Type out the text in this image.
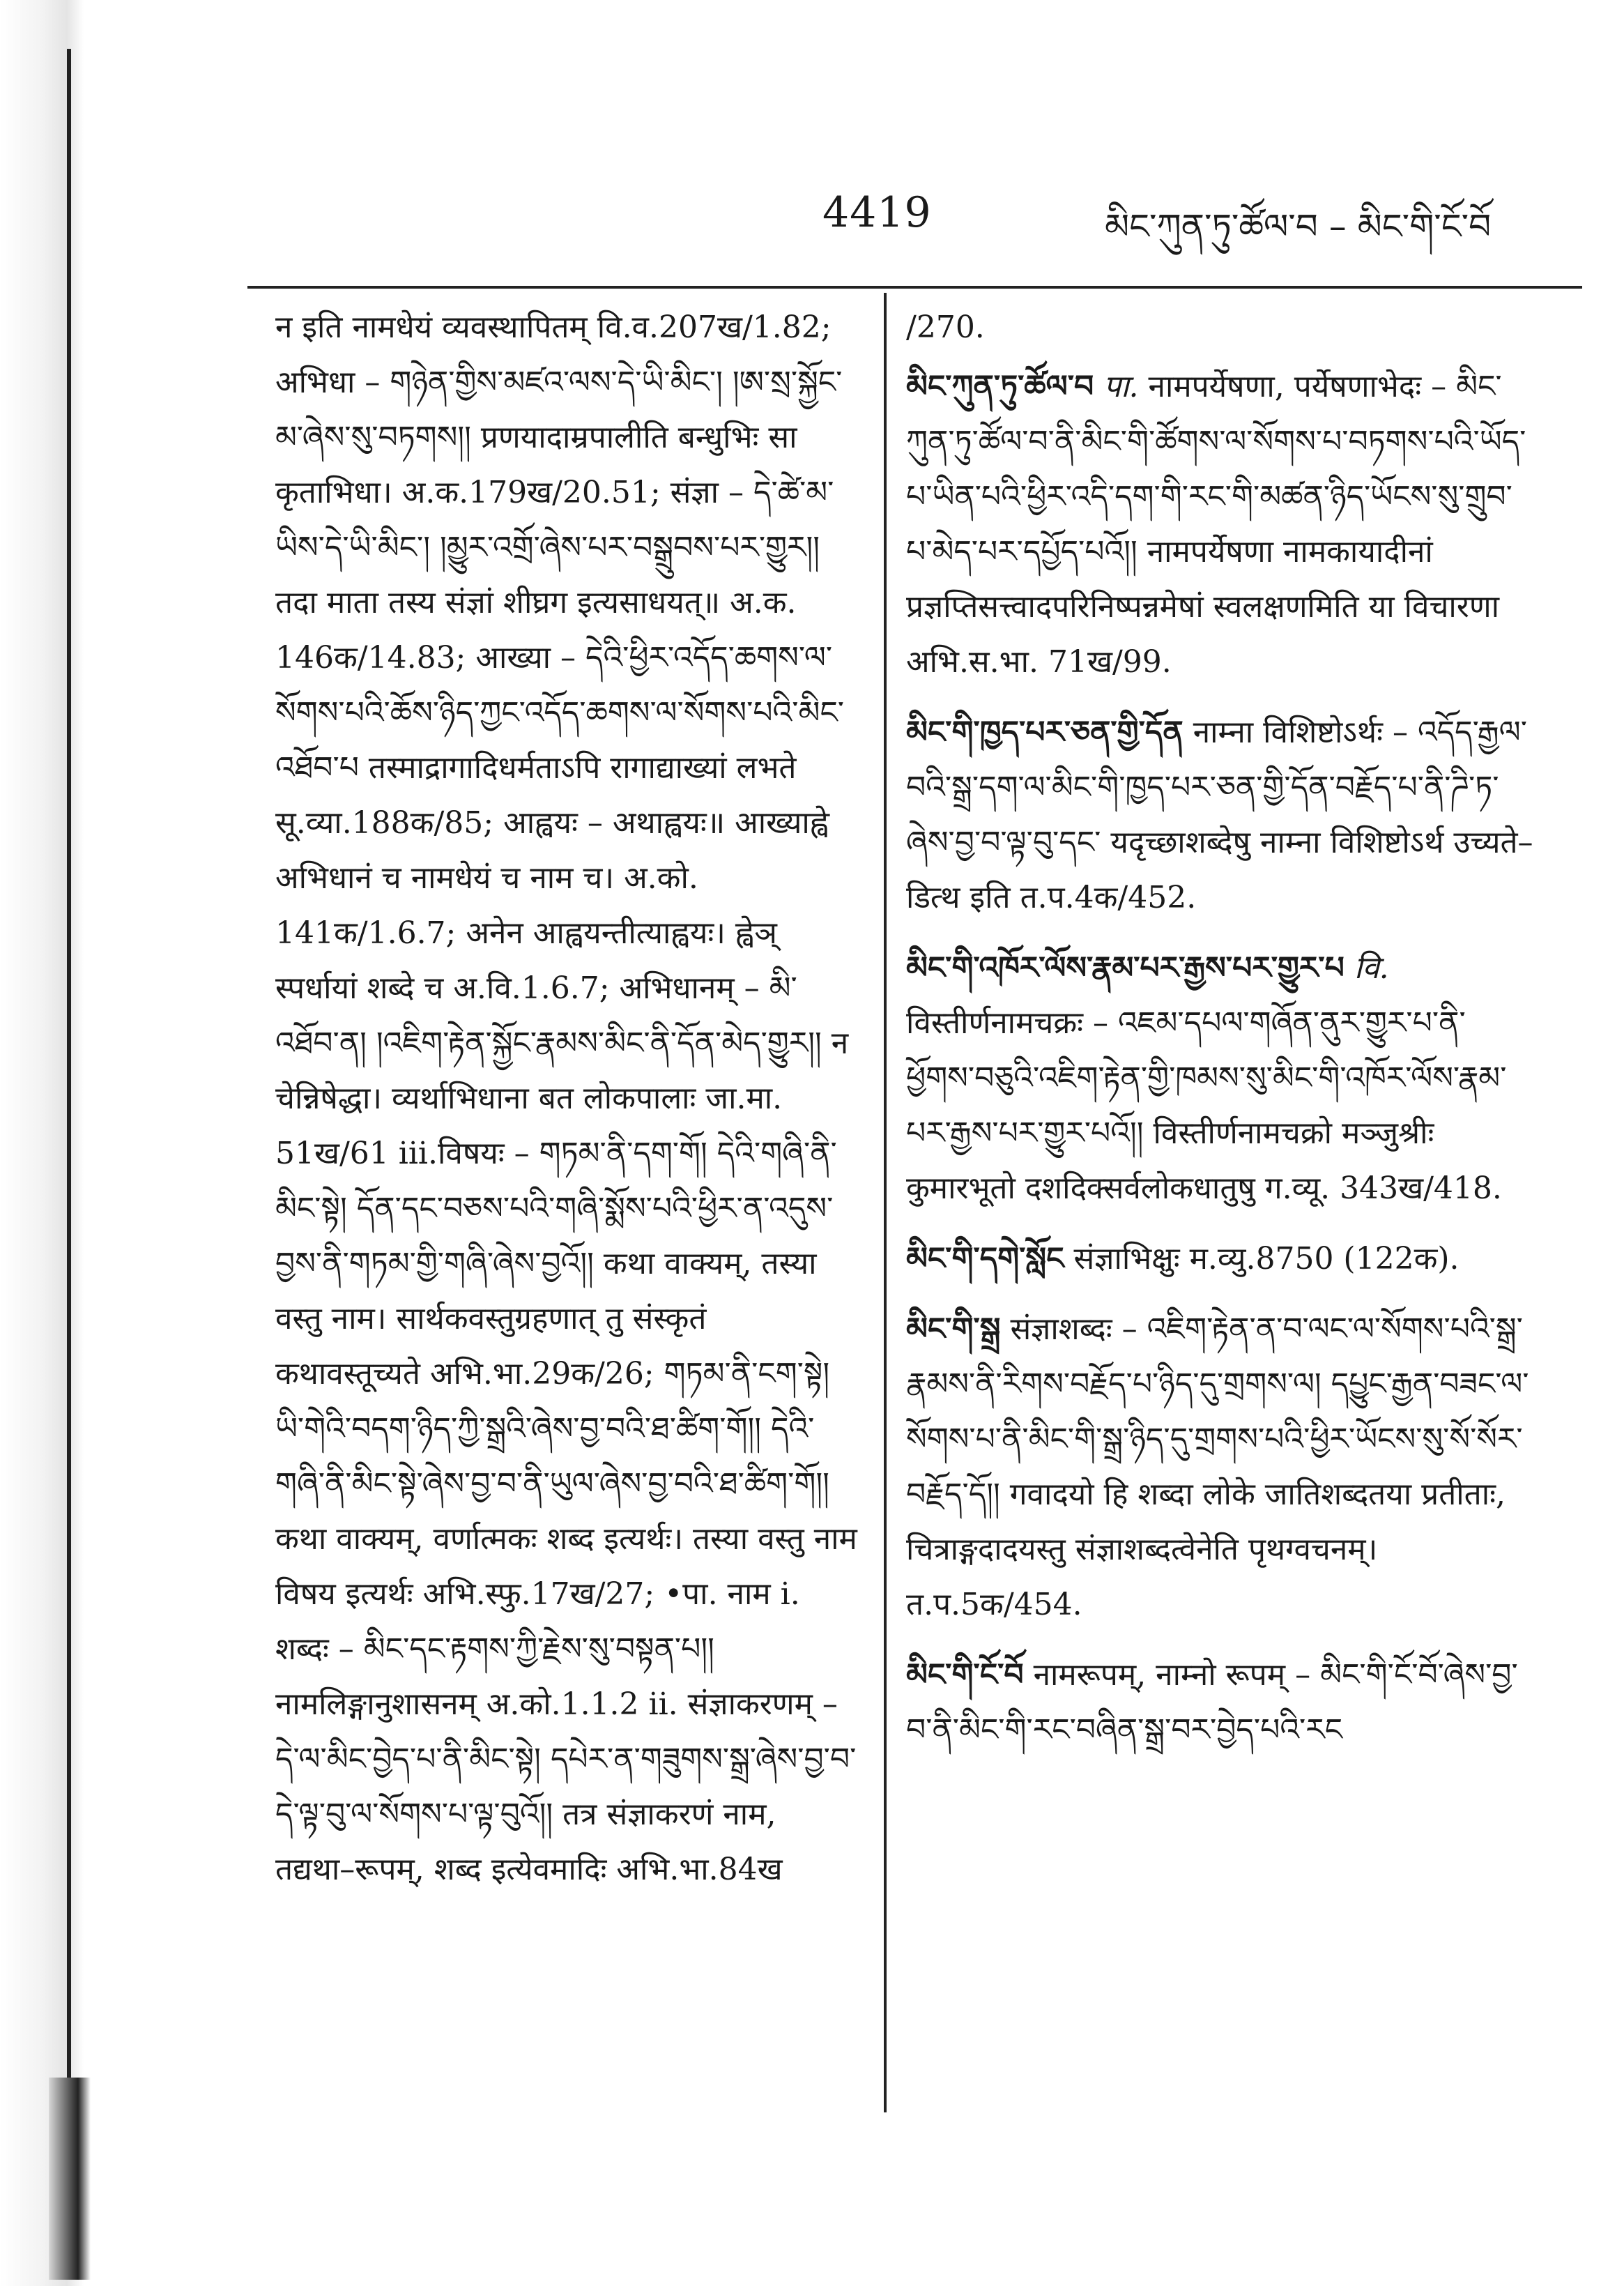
4419	མིང་ཀུན་ཏུ་ཚོལ་བ – མིང་གི་ངོ་བོ

न इति नामधेयं व्यवस्थापितम् वि.व.207ख/1.82; अभिधा – གཉེན་གྱིས་མཛའ་ལས་དེ་ཡི་མིང་། །ཨ་སྲ་སྐྱོང་མ་ཞེས་སུ་བཏགས།། प्रणयादाम्रपालीति बन्धुभिः सा कृताभिधा। अ.क.179ख/20.51; संज्ञा – དེ་ཚེ་མ་ཡིས་དེ་ཡི་མིང་། །མྱུར་འགྲོ་ཞེས་པར་བསྒྲུབས་པར་གྱུར།། तदा माता तस्य संज्ञां शीघ्रग इत्यसाधयत्॥ अ.क. 146क/14.83; आख्या – དེའི་ཕྱིར་འདོད་ཆགས་ལ་སོགས་པའི་ཆོས་ཉིད་ཀྱང་འདོད་ཆགས་ལ་སོགས་པའི་མིང་འཐོབ་པ तस्माद्रागादिधर्मताऽपि रागाद्याख्यां लभते सू.व्या.188क/85; आह्वयः – अथाह्वयः॥ आख्याह्वे अभिधानं च नामधेयं च नाम च। अ.को. 141क/1.6.7; अनेन आह्वयन्तीत्याह्वयः। ह्वेञ् स्पर्धायां शब्दे च अ.वि.1.6.7; अभिधानम् – མི་འཐོབ་ན། །འཇིག་རྟེན་སྐྱོང་རྣམས་མིང་ནི་དོན་མེད་གྱུར།། न चेन्निषेद्धा। व्यर्थाभिधाना बत लोकपालाः जा.मा. 51ख/61 iii.विषयः – གཏམ་ནི་དག་གོ། དེའི་གཞི་ནི་མིང་སྟེ། དོན་དང་བཅས་པའི་གཞི་སྨོས་པའི་ཕྱིར་ན་འདུས་བྱས་ནི་གཏམ་གྱི་གཞི་ཞེས་བྱའོ།། कथा वाक्यम्, तस्या वस्तु नाम। सार्थकवस्तुग्रहणात् तु संस्कृतं कथावस्तूच्यते अभि.भा.29क/26; གཏམ་ནི་ངག་སྟེ། ཡི་གེའི་བདག་ཉིད་ཀྱི་སྒྲའི་ཞེས་བྱ་བའི་ཐ་ཚིག་གོ།། དེའི་གཞི་ནི་མིང་སྟེ་ཞེས་བྱ་བ་ནི་ཡུལ་ཞེས་བྱ་བའི་ཐ་ཚིག་གོ།། कथा वाक्यम्, वर्णात्मकः शब्द इत्यर्थः। तस्या वस्तु नाम विषय इत्यर्थः अभि.स्फु.17ख/27; •पा. नाम i. शब्दः – མིང་དང་རྟགས་ཀྱི་རྗེས་སུ་བསྟན་པ།། नामलिङ्गानुशासनम् अ.को.1.1.2 ii. संज्ञाकरणम् – དེ་ལ་མིང་བྱེད་པ་ནི་མིང་སྟེ། དཔེར་ན་གཟུགས་སྒྲ་ཞེས་བྱ་བ་དེ་ལྟ་བུ་ལ་སོགས་པ་ལྟ་བུའོ།། तत्र संज्ञाकरणं नाम, तद्यथा–रूपम्, शब्द इत्येवमादिः अभि.भा.84ख

/270.

མིང་ཀུན་ཏུ་ཚོལ་བ पा. नामपर्येषणा, पर्येषणाभेदः – མིང་ཀུན་ཏུ་ཚོལ་བ་ནི་མིང་གི་ཚོགས་ལ་སོགས་པ་བཏགས་པའི་ཡོད་པ་ཡིན་པའི་ཕྱིར་འདི་དག་གི་རང་གི་མཚན་ཉིད་ཡོངས་སུ་གྲུབ་པ་མེད་པར་དཔྱོད་པའོ།། नामपर्येषणा नामकायादीनां प्रज्ञप्तिसत्त्वादपरिनिष्पन्नमेषां स्वलक्षणमिति या विचारणा अभि.स.भा. 71ख/99.

མིང་གི་ཁྱད་པར་ཅན་གྱི་དོན नाम्ना विशिष्टोऽर्थः – འདོད་རྒྱལ་བའི་སྒྲ་དག་ལ་མིང་གི་ཁྱད་པར་ཅན་གྱི་དོན་བརྗོད་པ་ནི་ཌི་ཏ་ཞེས་བྱ་བ་ལྟ་བུ་དང་ यदृच्छाशब्देषु नाम्ना विशिष्टोऽर्थ उच्यते–डित्थ इति त.प.4क/452.

མིང་གི་འཁོར་ལོས་རྣམ་པར་རྒྱས་པར་གྱུར་པ वि. विस्तीर्णनामचक्रः – འཇམ་དཔལ་གཞོན་ནུར་གྱུར་པ་ནི་ཕྱོགས་བཅུའི་འཇིག་རྟེན་གྱི་ཁམས་སུ་མིང་གི་འཁོར་ལོས་རྣམ་པར་རྒྱས་པར་གྱུར་པའོ།། विस्तीर्णनामचक्रो मञ्जुश्रीः कुमारभूतो दशदिक्सर्वलोकधातुषु ग.व्यू. 343ख/418.

མིང་གི་དགེ་སློང संज्ञाभिक्षुः म.व्यु.8750 (122क).

མིང་གི་སྒྲ संज्ञाशब्दः – འཇིག་རྟེན་ན་བ་ལང་ལ་སོགས་པའི་སྒྲ་རྣམས་ནི་རིགས་བརྗོད་པ་ཉིད་དུ་གྲགས་ལ། དཔྱུང་རྒྱན་བཟང་ལ་སོགས་པ་ནི་མིང་གི་སྒྲ་ཉིད་དུ་གྲགས་པའི་ཕྱིར་ཡོངས་སུ་སོ་སོར་བརྗོད་དོ།། गवादयो हि शब्दा लोके जातिशब्दतया प्रतीताः, चित्राङ्गदादयस्तु संज्ञाशब्दत्वेनेति पृथग्वचनम्। त.प.5क/454.

མིང་གི་ངོ་བོ नामरूपम्, नाम्नो रूपम् – མིང་གི་ངོ་བོ་ཞེས་བྱ་བ་ནི་མིང་གི་རང་བཞིན་སྒྲ་བར་བྱེད་པའི་རང
